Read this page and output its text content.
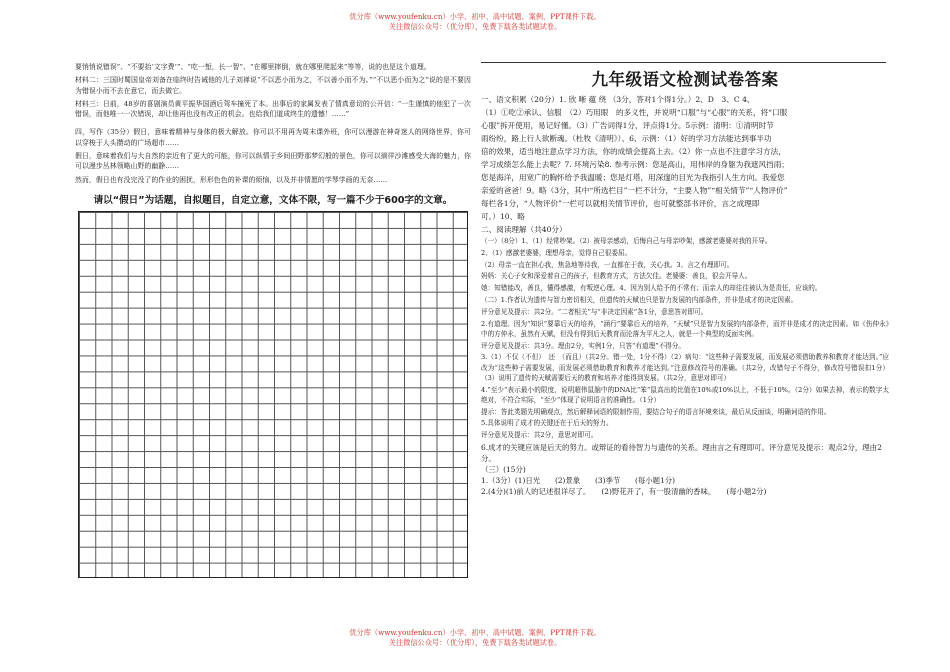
优分库（www.youfenku.cn）小学、初中、高中试题、案例、PPT课件下载。
关注微信公众号：（优分库），免费下载各类试题试卷。

要悄悄说错误”、“不要抬‘文字费’”、“吃一堑，长一智”、“在哪里摔倒，就在哪里爬起来”等等，说的也是这个道理。

材料二：三国时蜀国皇帝刘备在临终时告诫他的儿子刘禅说“不以恶小而为之，不以善小而不为。”“不以恶小而为之”说的是不要因为错误小而不去在意它，而去做它。

材料三：日前，48岁的喜剧演员黄平振华国酒后驾车撞死了本。出事后的家属发表了情真意切的公开信：“一生谨慎的他犯了一次错误，而他唯一一次错误，却让他再也没有改正的机会。也给我们道成终生的遗憾！……”

四，写作（35分）假日，意味着精神与身体的极大解放。你可以不用再为周末课外班，你可以漫游在神奇迷人的网络世界，你可以穿梭于人头攒动的广场超市……

假日，意味着我们与大自然的亲近有了更大的可能，你可以纵情于乡间田野那梦幻般的景色，你可以徜徉沙滩感受大海的魅力，你可以漫步丛林领略山野的幽静……

然而，假日也有没完没了的作业的困扰，形形色色的补课的烦恼，以及并非情愿的学琴学画的无奈……

请以“假日”为话题，自拟题目，自定立意，文体不限，写一篇不少于600字的文章。
九年级语文检测试卷答案

一、语文积累（20分）1. 欣 晰 蕴 绕 （3分，答对1个得1分。）2、D　3、C 4、

（1）①吃②承认、信服　（2）巧用眼　的多义性，并说明“口服”与“心服”的关系，将“口服

心服”拆开使用，易记好懂。（3）广告词得1分，评点得1分。5示例：清明：①清明时节

雨纷纷，路上行人欲断魂。（杜牧《清明》）、6、示例：（1）好的学习方法能达到事半功

倍的效果，适当地注意点学习方法，你的成绩会提高上去。（2）你一点也不注意学习方法，

学习成绩怎么能上去呢？7. 环境污染8. 参考示例：您是高山，用伟岸的身躯为我遮风挡雨；

您是海洋，用宽广的胸怀给予我温暖；您是灯塔，用深邃的目光为我指引人生方向。我爱您

亲爱的爸爸！9。略（3分，其中“所选栏目”一栏不计分，“主要人物”“相关情节”“人物评价”

每栏各1分，“人物评价”一栏可以就相关情节评价，也可就整部书评价，言之成理即

可。）10、略

二、阅读理解（共40分）

（一）（8分）1、（1）经常吵架。（2）被母亲感动，后悔自己与母亲吵架，感激老婆婆对我的开导。

2、（1）感激老婆婆，理想母亲，觉得自己很委屈。

（2）母亲一直在担心我，焦急地等待我，一直都在于我，关心我。3、言之有理即可。

妈妈：关心子女和深爱着自己的孩子，但教育方式，方法欠佳。老婆婆：善良，很会开导人。

她：知错能改，善良，懂得感激，有叛逆心理。4、因为别人给予的不常有；而亲人的却往往被认为是责任，应该的。

（二）1.作者认为遗传与智力密切相关，但遗传的天赋也只是智力发展的内部条件，并非是成才的决定因素。

评分意见及提示：共2分。“二者相关”与“非决定因素”各1分，意思答对即可。

2.有道理。因为“知识”要靠后天的培养，“涵行”要靠后天的培养，“天赋”只是智力发展的内部条件，而并非是成才的决定因素。如《伤仲永》中的方仲永，虽然有天赋，但没有得到后天教育而沦落为平凡之人，就是一个典型的反面实例。

评分意见及提示：共3分。理由2分，实例1分，只答“有道理”不得分。

3.（1）不仅（不但）　还　（而且）（共2分。错一处，1分不得）（2）病句：“这些种子需要发展，而发展必须借助教养和教育才能达到。”应改为“这些种子需要发展，而发展必须借助教育和教养才能达到。”注意修改符号的准确。（共2分，改错句子不得分，修改符号错误扣1分）（3）说明了遗传的天赋需要后天的教育和培养才能得到发展。（共2分，意思对即可）

4.“至少”表示最小的限度，说明超伟鼠脑中的DNA比“笨”鼠高出的比值在10%或10%以上，不低于10%。（2分）如果去掉，表示的数字太绝对，不符合实际，“至少”体现了说明语言的准确性。（1分）

提示：答此类题先明确观点，然后解释词语的限制作用，要结合句子的语言环境来谈，最后从反面谈，明确词语的作用。

5.具体说明了成才的关键还在于后天的努力。

评分意见及提示：共2分，意思对即可。

6.成才的关键应该是后天的努力。或辩证的看待智力与遗传的关系。理由言之有理即可。评分意见及提示：观点2分，理由2分。

（三）(15分)

1.（3分）(1)日光　　(2)景象　　(3)季节　　(每小题1分)

2.(4分)(1)前人的记述很详尽了。　　(2)野花开了，有一股清幽的香味。　　(每小题2分)

优分库（www.youfenku.cn）小学、初中、高中试题、案例、PPT课件下载。
关注微信公众号：（优分库），免费下载各类试题试卷。
